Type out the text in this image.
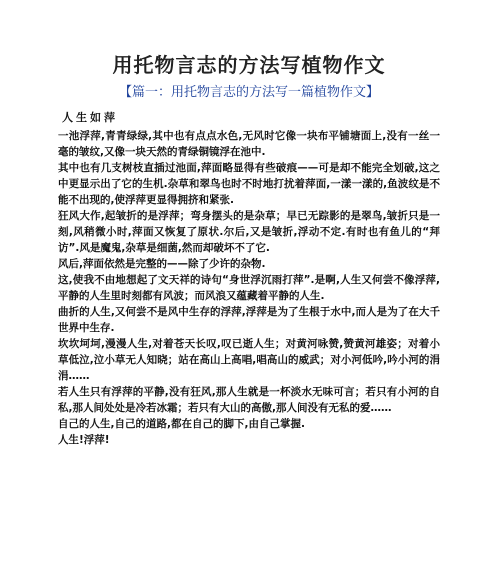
用托物言志的方法写植物作文
【篇一：用托物言志的方法写一篇植物作文】
人生如萍

一池浮萍,青青绿绿,其中也有点点水色,无风时它像一块布平铺塘面上,没有一丝一毫的皱纹,又像一块天然的青绿铜镜浮在池中.

其中也有几支树枝直插过池面,萍面略显得有些破痕——可是却不能完全划破,这之中更显示出了它的生机.杂草和翠鸟也时不时地打扰着萍面,一漾一漾的,鱼波纹是不能不出现的,使浮萍更显得拥挤和紧张.

狂风大作,起皱折的是浮萍；弯身摆头的是杂草；早已无踪影的是翠鸟,皱折只是一刻,风稍微小时,萍面又恢复了原状.尔后,又是皱折,浮动不定.有时也有鱼儿的“拜访”.风是魔鬼,杂草是细菌,然而却破坏不了它.

风后,萍面依然是完整的——除了少许的杂物.

这,使我不由地想起了文天祥的诗句“身世浮沉雨打萍”.是啊,人生又何尝不像浮萍,平静的人生里时刻都有风波；而风浪又蕴藏着平静的人生.

曲折的人生,又何尝不是风中生存的浮萍,浮萍是为了生根于水中,而人是为了在大千世界中生存.

坎坎坷坷,漫漫人生,对着苍天长叹,叹已逝人生；对黄河咏赞,赞黄河雄姿；对着小草低泣,泣小草无人知晓；站在高山上高唱,唱高山的威武；对小河低吟,吟小河的涓涓……

若人生只有浮萍的平静,没有狂风,那人生就是一杯淡水无味可言；若只有小河的自私,那人间处处是冷若冰霜；若只有大山的高傲,那人间没有无私的爱……

自己的人生,自己的道路,都在自己的脚下,由自己掌握.

人生!浮萍!
